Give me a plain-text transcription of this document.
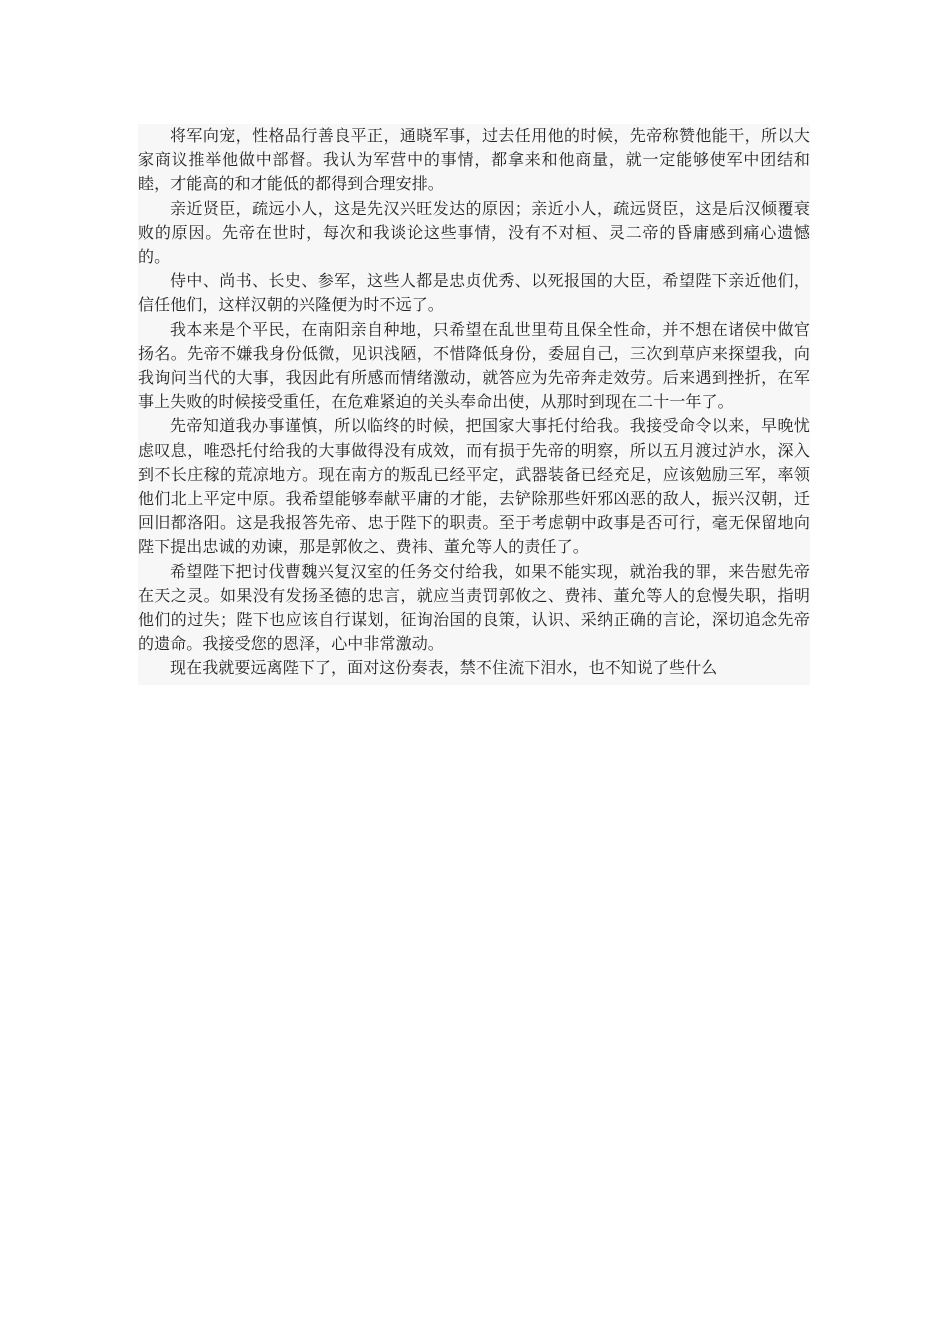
将军向宠，性格品行善良平正，通晓军事，过去任用他的时候，先帝称赞他能干，所以大家商议推举他做中部督。我认为军营中的事情，都拿来和他商量，就一定能够使军中团结和睦，才能高的和才能低的都得到合理安排。

亲近贤臣，疏远小人，这是先汉兴旺发达的原因；亲近小人，疏远贤臣，这是后汉倾覆衰败的原因。先帝在世时，每次和我谈论这些事情，没有不对桓、灵二帝的昏庸感到痛心遗憾的。

侍中、尚书、长史、参军，这些人都是忠贞优秀、以死报国的大臣，希望陛下亲近他们，信任他们，这样汉朝的兴隆便为时不远了。

我本来是个平民，在南阳亲自种地，只希望在乱世里苟且保全性命，并不想在诸侯中做官扬名。先帝不嫌我身份低微，见识浅陋，不惜降低身份，委屈自己，三次到草庐来探望我，向我询问当代的大事，我因此有所感而情绪激动，就答应为先帝奔走效劳。后来遇到挫折，在军事上失败的时候接受重任，在危难紧迫的关头奉命出使，从那时到现在二十一年了。

先帝知道我办事谨慎，所以临终的时候，把国家大事托付给我。我接受命令以来，早晚忧虑叹息，唯恐托付给我的大事做得没有成效，而有损于先帝的明察，所以五月渡过泸水，深入到不长庄稼的荒凉地方。现在南方的叛乱已经平定，武器装备已经充足，应该勉励三军，率领他们北上平定中原。我希望能够奉献平庸的才能，去铲除那些奸邪凶恶的敌人，振兴汉朝，迁回旧都洛阳。这是我报答先帝、忠于陛下的职责。至于考虑朝中政事是否可行，毫无保留地向陛下提出忠诚的劝谏，那是郭攸之、费祎、董允等人的责任了。

希望陛下把讨伐曹魏兴复汉室的任务交付给我，如果不能实现，就治我的罪，来告慰先帝在天之灵。如果没有发扬圣德的忠言，就应当责罚郭攸之、费祎、董允等人的怠慢失职，指明他们的过失；陛下也应该自行谋划，征询治国的良策，认识、采纳正确的言论，深切追念先帝的遗命。我接受您的恩泽，心中非常激动。

现在我就要远离陛下了，面对这份奏表，禁不住流下泪水，也不知说了些什么
